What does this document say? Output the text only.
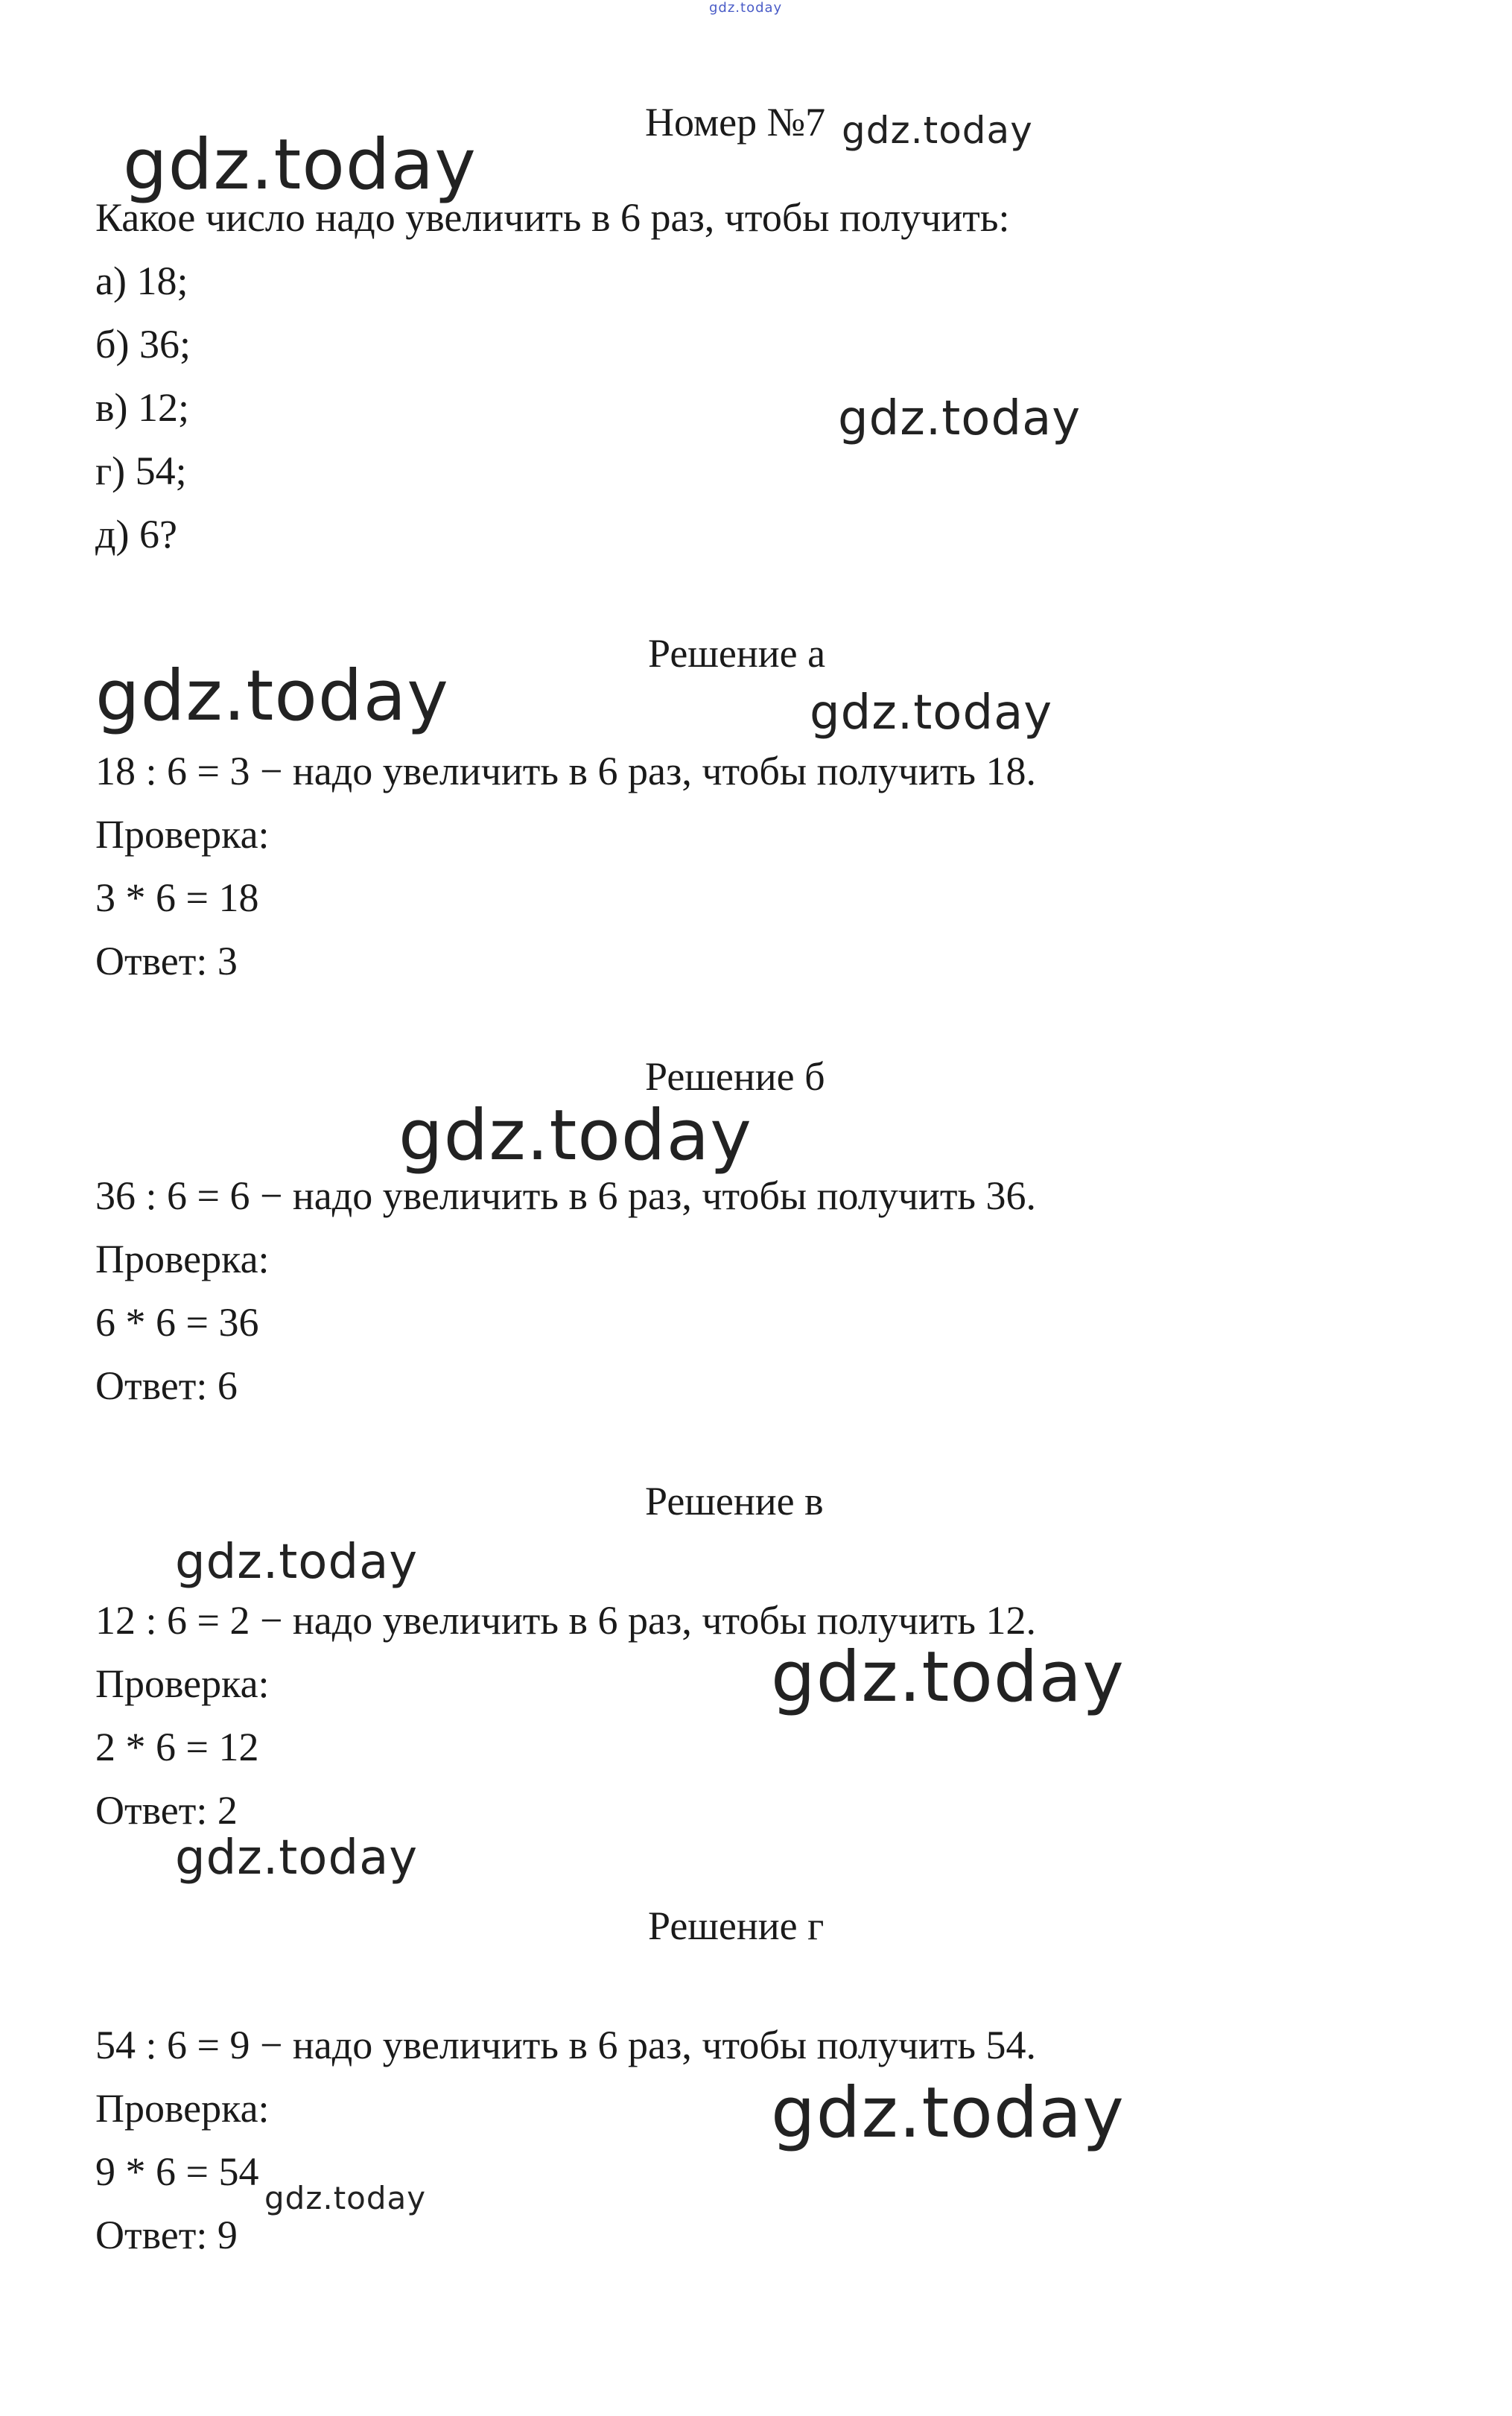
gdz.today
gdz.today
gdz.today
gdz.today
gdz.today	gdz.today
gdz.today
gdz.today
gdz.today
gdz.today
gdz.today
gdz.today
Номер №7
Какое число надо увеличить в 6 раз, чтобы получить:
а) 18;
б) 36;
в) 12;
г) 54;
д) 6?
Решение а
18 : 6 = 3 − надо увеличить в 6 раз, чтобы получить 18.
Проверка:
3 * 6 = 18
Ответ: 3
Решение б
36 : 6 = 6 − надо увеличить в 6 раз, чтобы получить 36.
Проверка:
6 * 6 = 36
Ответ: 6
Решение в
12 : 6 = 2 − надо увеличить в 6 раз, чтобы получить 12.
Проверка:
2 * 6 = 12
Ответ: 2
Решение г
54 : 6 = 9 − надо увеличить в 6 раз, чтобы получить 54.
Проверка:
9 * 6 = 54
Ответ: 9
